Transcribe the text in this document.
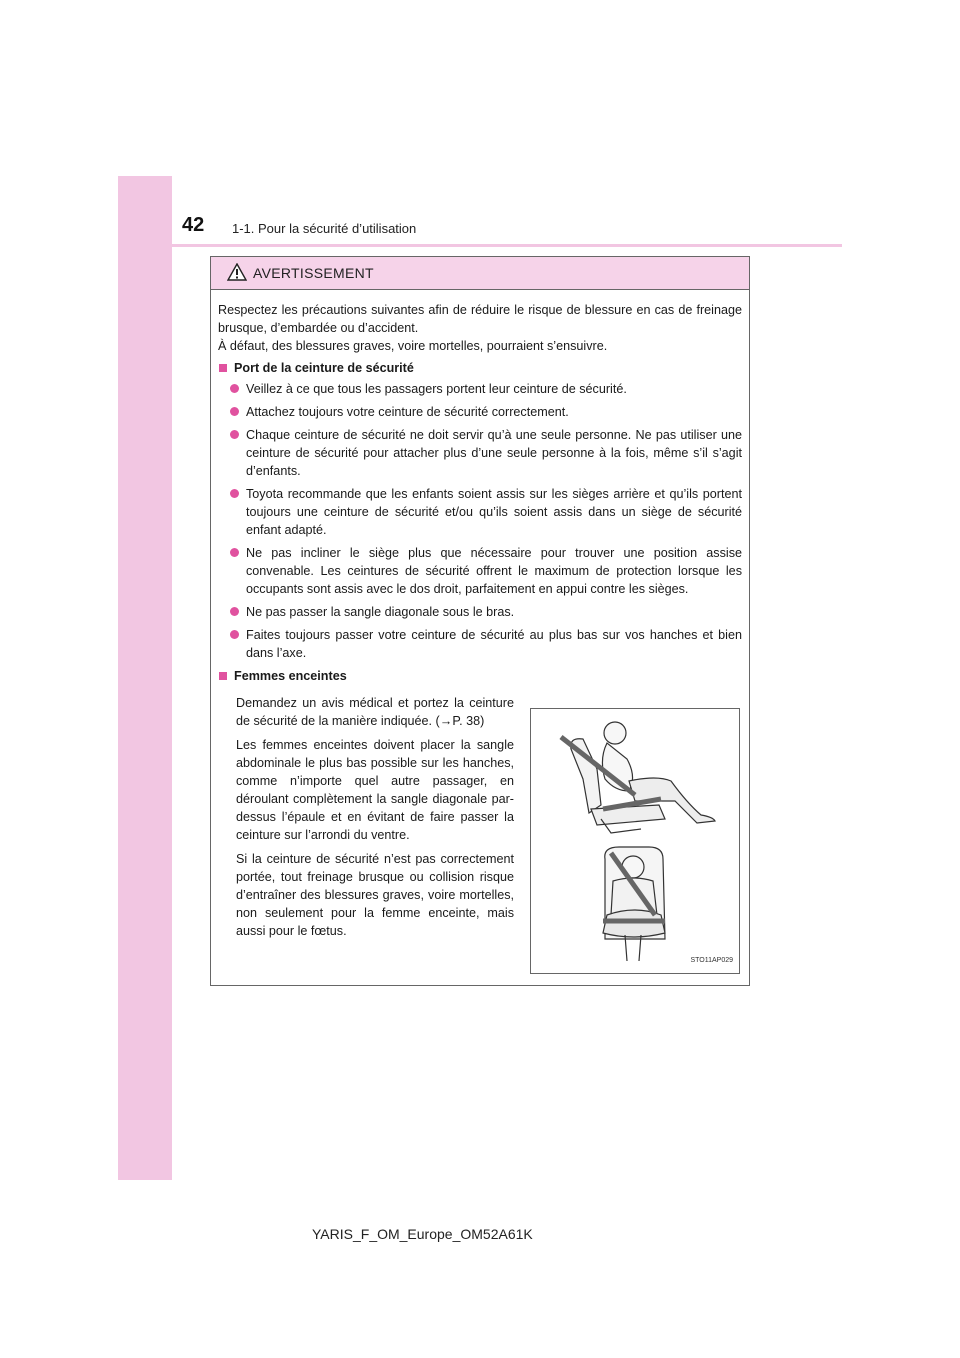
42 1-1. Pour la sécurité d’utilisation
AVERTISSEMENT

Respectez les précautions suivantes afin de réduire le risque de blessure en cas de freinage brusque, d’embardée ou d’accident.

À défaut, des blessures graves, voire mortelles, pourraient s’ensuivre.

Port de la ceinture de sécurité
Veillez à ce que tous les passagers portent leur ceinture de sécurité.
Attachez toujours votre ceinture de sécurité correctement.
Chaque ceinture de sécurité ne doit servir qu’à une seule personne. Ne pas utiliser une ceinture de sécurité pour attacher plus d’une seule personne à la fois, même s’il s’agit d’enfants.
Toyota recommande que les enfants soient assis sur les sièges arrière et qu’ils portent toujours une ceinture de sécurité et/ou qu’ils soient assis dans un siège de sécurité enfant adapté.
Ne pas incliner le siège plus que nécessaire pour trouver une position assise convenable. Les ceintures de sécurité offrent le maximum de protection lorsque les occupants sont assis avec le dos droit, parfaitement en appui contre les sièges.
Ne pas passer la sangle diagonale sous le bras.
Faites toujours passer votre ceinture de sécurité au plus bas sur vos hanches et bien dans l’axe.
Femmes enceintes

Demandez un avis médical et portez la ceinture de sécurité de la manière indiquée. (→P. 38)

Les femmes enceintes doivent placer la sangle abdominale le plus bas possible sur les hanches, comme n’importe quel autre passager, en déroulant complètement la sangle diagonale par-dessus l’épaule et en évitant de faire passer la ceinture sur l’arrondi du ventre.

Si la ceinture de sécurité n’est pas correctement portée, tout freinage brusque ou collision risque d’entraîner des blessures graves, voire mortelles, non seulement pour la femme enceinte, mais aussi pour le fœtus.

STO11AP029
YARIS_F_OM_Europe_OM52A61K
